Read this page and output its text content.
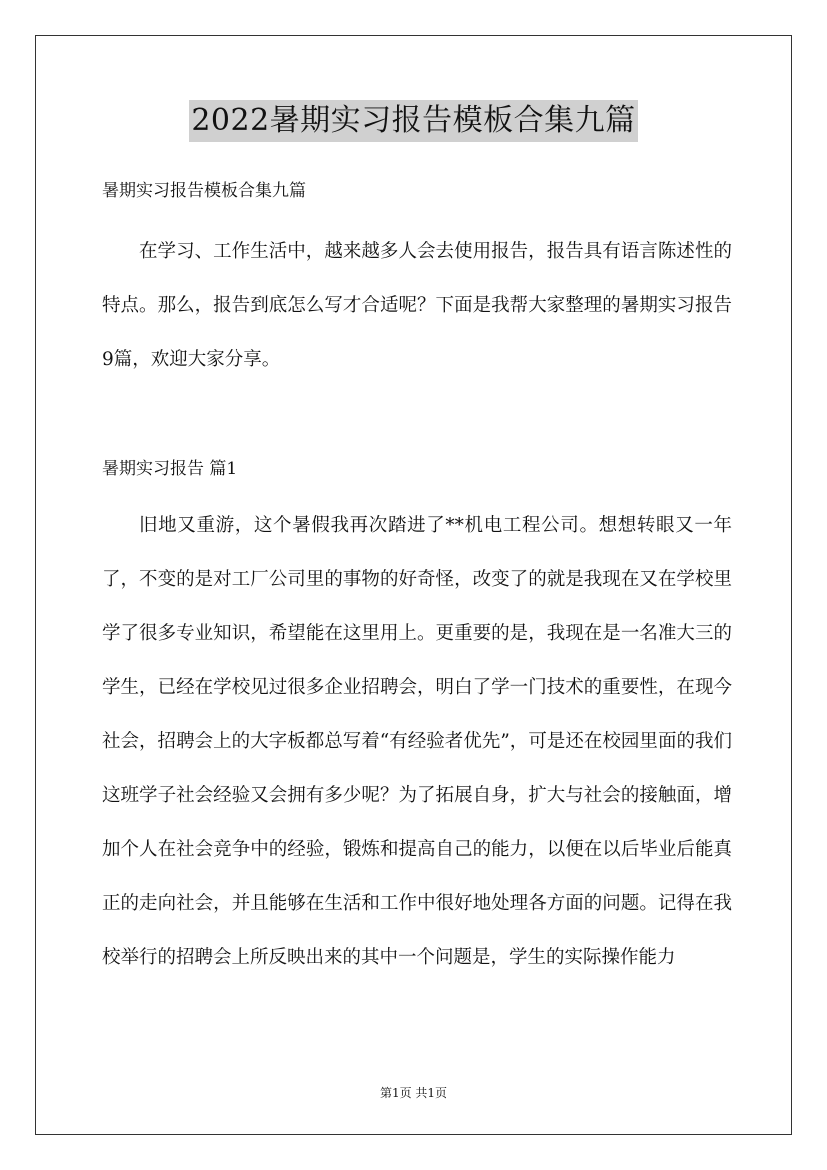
2022暑期实习报告模板合集九篇
暑期实习报告模板合集九篇

在学习、工作生活中，越来越多人会去使用报告，报告具有语言陈述性的特点。那么，报告到底怎么写才合适呢？下面是我帮大家整理的暑期实习报告9篇，欢迎大家分享。

暑期实习报告 篇1

旧地又重游，这个暑假我再次踏进了**机电工程公司。想想转眼又一年了，不变的是对工厂公司里的事物的好奇怪，改变了的就是我现在又在学校里学了很多专业知识，希望能在这里用上。更重要的是，我现在是一名准大三的学生，已经在学校见过很多企业招聘会，明白了学一门技术的重要性，在现今社会，招聘会上的大字板都总写着“有经验者优先”，可是还在校园里面的我们这班学子社会经验又会拥有多少呢？为了拓展自身，扩大与社会的接触面，增加个人在社会竞争中的经验，锻炼和提高自己的能力，以便在以后毕业后能真正的走向社会，并且能够在生活和工作中很好地处理各方面的问题。记得在我校举行的招聘会上所反映出来的其中一个问题是，学生的实际操作能力

第1页 共1页
